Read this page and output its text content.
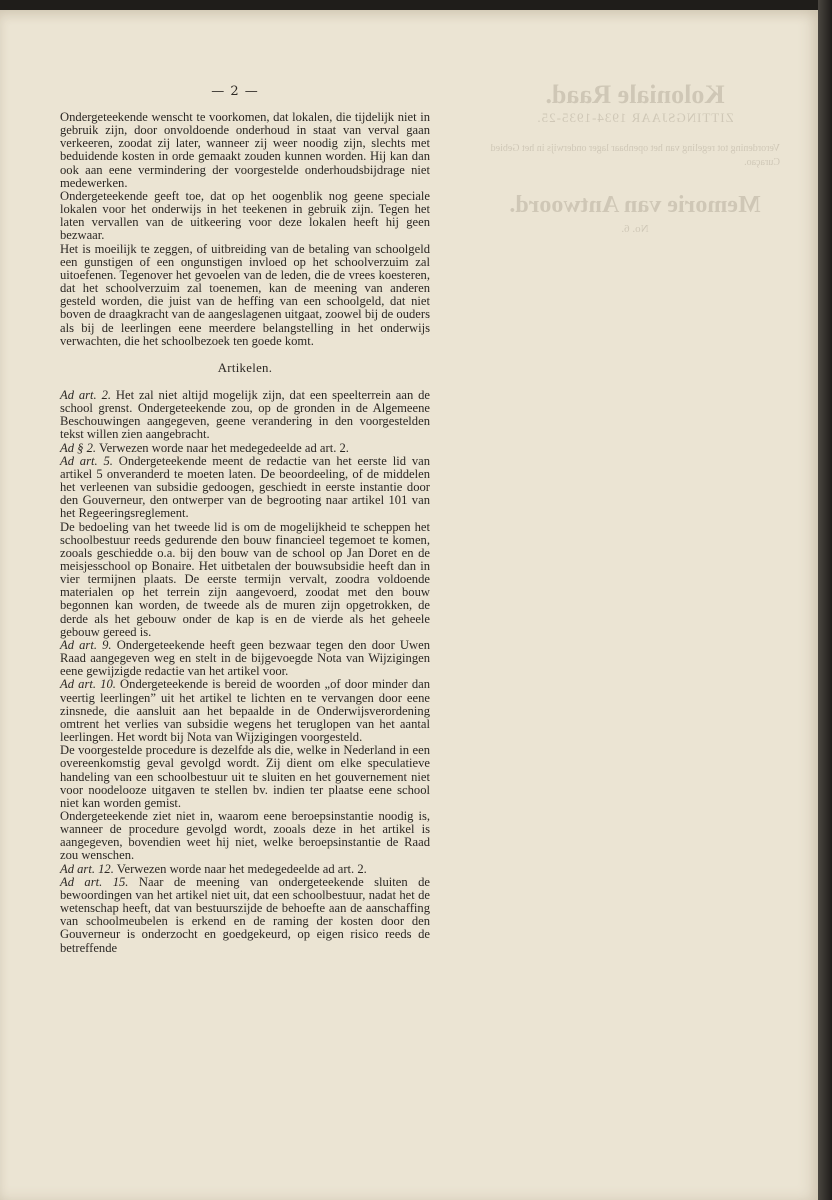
Koloniale Raad.
ZITTINGSJAAR 1934-1935-25.
Verordening tot regeling van het openbaar lager onderwijs in het Gebied Curaçao.
Memorie van Antwoord.
No. 6.
— 2 —

Ondergeteekende wenscht te voorkomen, dat lokalen, die tijdelijk niet in gebruik zijn, door onvoldoende onderhoud in staat van verval gaan verkeeren, zoodat zij later, wanneer zij weer noodig zijn, slechts met beduidende kosten in orde gemaakt zouden kunnen worden. Hij kan dan ook aan eene vermindering der voorgestelde onderhoudsbijdrage niet medewerken.

Ondergeteekende geeft toe, dat op het oogenblik nog geene speciale lokalen voor het onderwijs in het teekenen in gebruik zijn. Tegen het laten vervallen van de uitkeering voor deze lokalen heeft hij geen bezwaar.

Het is moeilijk te zeggen, of uitbreiding van de betaling van schoolgeld een gunstigen of een ongunstigen invloed op het schoolverzuim zal uitoefenen. Tegenover het gevoelen van de leden, die de vrees koesteren, dat het schoolverzuim zal toenemen, kan de meening van anderen gesteld worden, die juist van de heffing van een schoolgeld, dat niet boven de draagkracht van de aangeslagenen uitgaat, zoowel bij de ouders als bij de leerlingen eene meerdere belangstelling in het onderwijs verwachten, die het schoolbezoek ten goede komt.

Artikelen.

Ad art. 2. Het zal niet altijd mogelijk zijn, dat een speelterrein aan de school grenst. Ondergeteekende zou, op de gronden in de Algemeene Beschouwingen aangegeven, geene verandering in den voorgestelden tekst willen zien aangebracht.

Ad § 2. Verwezen worde naar het medegedeelde ad art. 2.

Ad art. 5. Ondergeteekende meent de redactie van het eerste lid van artikel 5 onveranderd te moeten laten. De beoordeeling, of de middelen het verleenen van subsidie gedoogen, geschiedt in eerste instantie door den Gouverneur, den ontwerper van de begrooting naar artikel 101 van het Regeeringsreglement.

De bedoeling van het tweede lid is om de mogelijkheid te scheppen het schoolbestuur reeds gedurende den bouw financieel tegemoet te komen, zooals geschiedde o.a. bij den bouw van de school op Jan Doret en de meisjesschool op Bonaire. Het uitbetalen der bouwsubsidie heeft dan in vier termijnen plaats. De eerste termijn vervalt, zoodra voldoende materialen op het terrein zijn aangevoerd, zoodat met den bouw begonnen kan worden, de tweede als de muren zijn opgetrokken, de derde als het gebouw onder de kap is en de vierde als het geheele gebouw gereed is.

Ad art. 9. Ondergeteekende heeft geen bezwaar tegen den door Uwen Raad aangegeven weg en stelt in de bijgevoegde Nota van Wijzigingen eene gewijzigde redactie van het artikel voor.

Ad art. 10. Ondergeteekende is bereid de woorden „of door minder dan veertig leerlingen” uit het artikel te lichten en te vervangen door eene zinsnede, die aansluit aan het bepaalde in de Onderwijsverordening omtrent het verlies van subsidie wegens het teruglopen van het aantal leerlingen. Het wordt bij Nota van Wijzigingen voorgesteld.

De voorgestelde procedure is dezelfde als die, welke in Nederland in een overeenkomstig geval gevolgd wordt. Zij dient om elke speculatieve handeling van een schoolbestuur uit te sluiten en het gouvernement niet voor noodelooze uitgaven te stellen bv. indien ter plaatse eene school niet kan worden gemist.

Ondergeteekende ziet niet in, waarom eene beroepsinstantie noodig is, wanneer de procedure gevolgd wordt, zooals deze in het artikel is aangegeven, bovendien weet hij niet, welke beroepsinstantie de Raad zou wenschen.

Ad art. 12. Verwezen worde naar het medegedeelde ad art. 2.

Ad art. 15. Naar de meening van ondergeteekende sluiten de bewoordingen van het artikel niet uit, dat een schoolbestuur, nadat het de wetenschap heeft, dat van bestuurszijde de behoefte aan de aanschaffing van schoolmeubelen is erkend en de raming der kosten door den Gouverneur is onderzocht en goedgekeurd, op eigen risico reeds de betreffende
